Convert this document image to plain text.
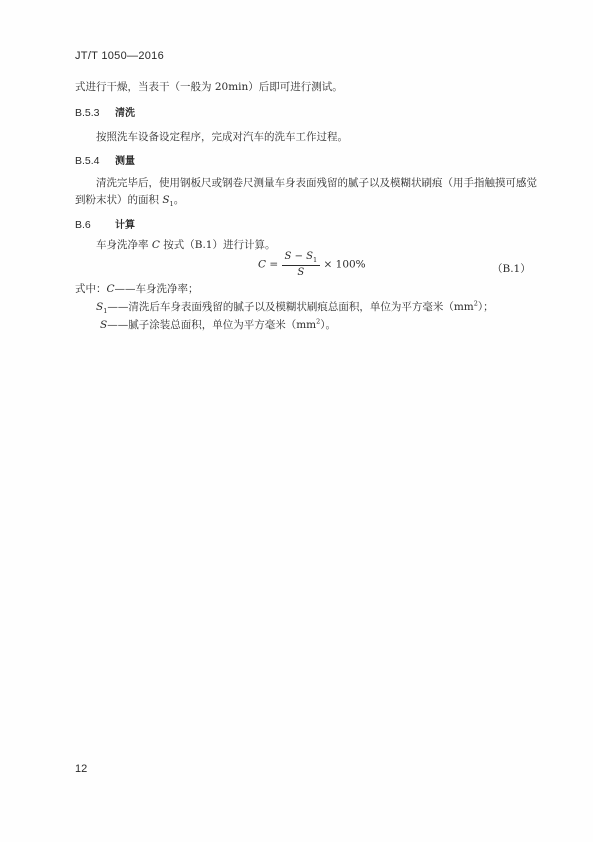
JT/T 1050—2016
式进行干燥，当表干（一般为 20min）后即可进行测试。
B.5.3 清洗
按照洗车设备设定程序，完成对汽车的洗车工作过程。
B.5.4 测量
清洗完毕后，使用钢板尺或钢卷尺测量车身表面残留的腻子以及模糊状刷痕（用手指触摸可感觉
到粉末状）的面积 $S_1$。
B.6 计算
车身洗净率 C 按式（B.1）进行计算。
$C = \frac{S - S_1}{S} \times 100\%$	（B.1）
式中：C——车身洗净率；
$S_1——$清洗后车身表面残留的腻子以及模糊状刷痕总面积，单位为平方毫米$(mm^2)$；
S——腻子涂装总面积，单位为平方毫米$(mm^2)$。
12
